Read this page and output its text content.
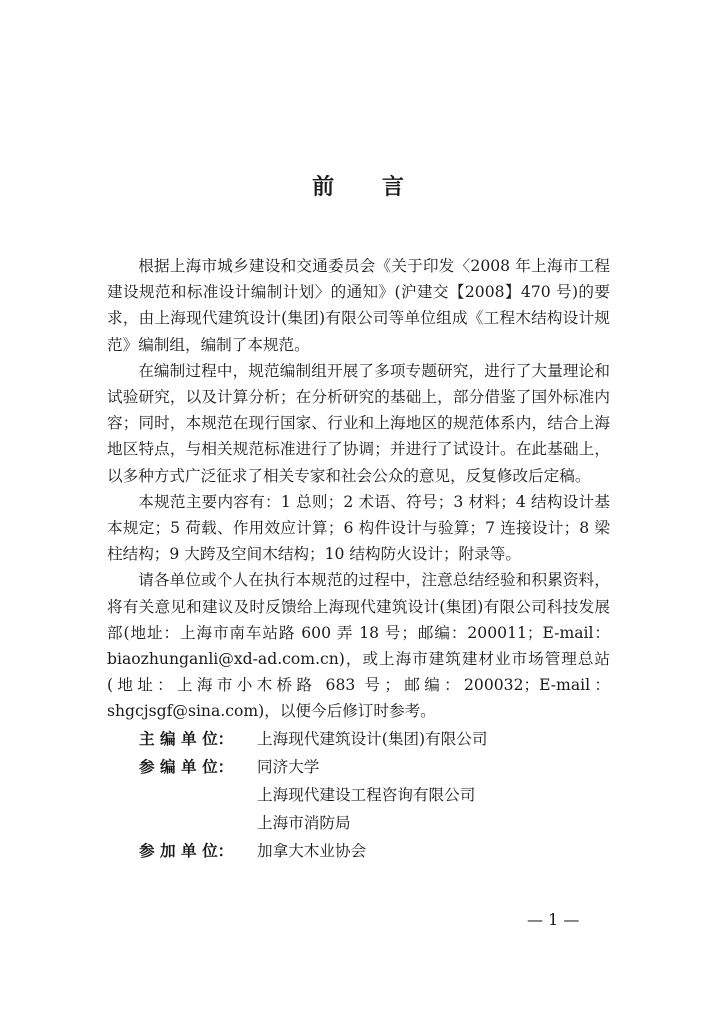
前 言

根据上海市城乡建设和交通委员会《关于印发〈2008 年上海市工程建设规范和标准设计编制计划〉的通知》(沪建交【2008】470 号)的要求，由上海现代建筑设计(集团)有限公司等单位组成《工程木结构设计规范》编制组，编制了本规范。

在编制过程中，规范编制组开展了多项专题研究，进行了大量理论和试验研究，以及计算分析；在分析研究的基础上，部分借鉴了国外标准内容；同时，本规范在现行国家、行业和上海地区的规范体系内，结合上海地区特点，与相关规范标准进行了协调；并进行了试设计。在此基础上，以多种方式广泛征求了相关专家和社会公众的意见，反复修改后定稿。

本规范主要内容有：1 总则；2 术语、符号；3 材料；4 结构设计基本规定；5 荷载、作用效应计算；6 构件设计与验算；7 连接设计；8 梁柱结构；9 大跨及空间木结构；10 结构防火设计；附录等。

请各单位或个人在执行本规范的过程中，注意总结经验和积累资料，将有关意见和建议及时反馈给上海现代建筑设计(集团)有限公司科技发展部(地址：上海市南车站路 600 弄 18 号；邮编：200011；E-mail：biaozhunganli@xd-ad.com.cn)，或上海市建筑建材业市场管理总站(地址：上海市小木桥路 683 号；邮编：200032；E-mail：shgcjsgf@sina.com)，以便今后修订时参考。

主 编 单 位：	上海现代建筑设计(集团)有限公司
参 编 单 位：	同济大学
上海现代建设工程咨询有限公司
上海市消防局
参 加 单 位：	加拿大木业协会
— 1 —
